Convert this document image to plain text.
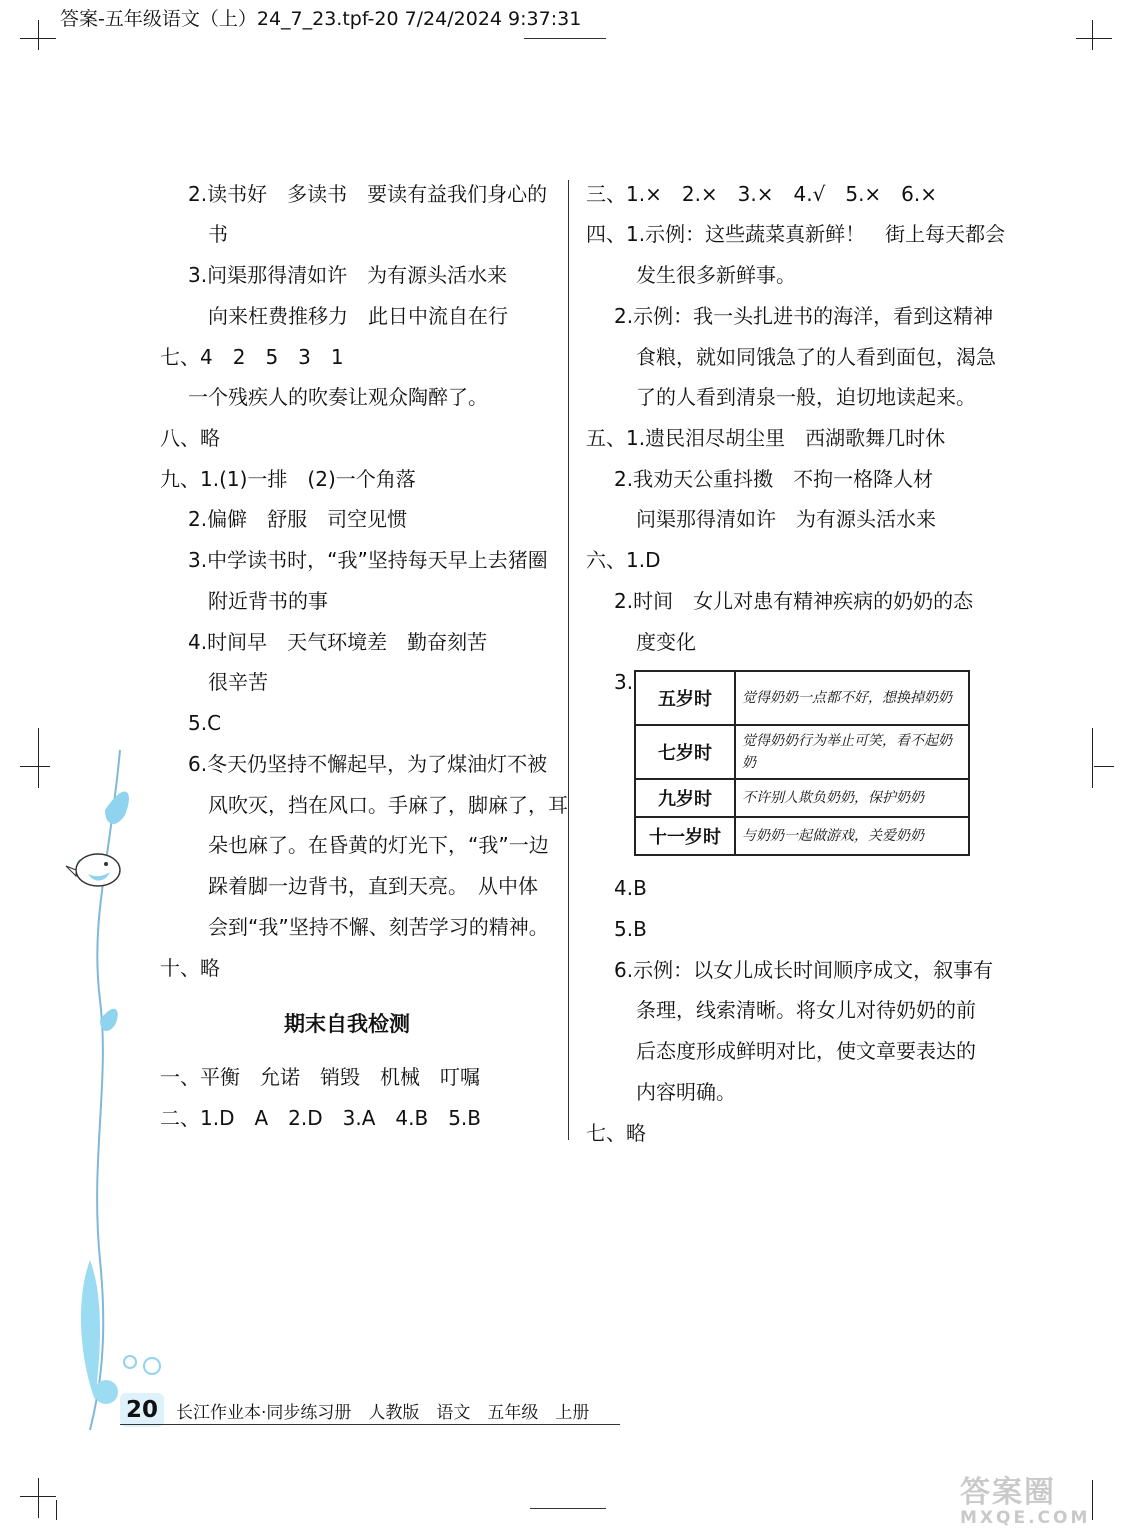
答案-五年级语文（上）24_7_23.tpf-20 7/24/2024 9:37:31
2.读书好　多读书　要读有益我们身心的
书
3.问渠那得清如许　为有源头活水来
向来枉费推移力　此日中流自在行
七、4　2　5　3　1
一个残疾人的吹奏让观众陶醉了。
八、略
九、1.(1)一排　(2)一个角落
2.偏僻　舒服　司空见惯
3.中学读书时，“我”坚持每天早上去猪圈
附近背书的事
4.时间早　天气环境差　勤奋刻苦
很辛苦
5.C
6.冬天仍坚持不懈起早，为了煤油灯不被
风吹灭，挡在风口。手麻了，脚麻了，耳
朵也麻了。在昏黄的灯光下，“我”一边
跺着脚一边背书，直到天亮。　从中体
会到“我”坚持不懈、刻苦学习的精神。
十、略
期末自我检测
一、平衡　允诺　销毁　机械　叮嘱
二、1.D　A　2.D　3.A　4.B　5.B
三、1.×　2.×　3.×　4.√　5.×　6.×
四、1.示例：这些蔬菜真新鲜！　街上每天都会
发生很多新鲜事。
2.示例：我一头扎进书的海洋，看到这精神
食粮，就如同饿急了的人看到面包，渴急
了的人看到清泉一般，迫切地读起来。
五、1.遗民泪尽胡尘里　西湖歌舞几时休
2.我劝天公重抖擞　不拘一格降人材
问渠那得清如许　为有源头活水来
六、1.D
2.时间　女儿对患有精神疾病的奶奶的态
度变化
3.
五岁时	觉得奶奶一点都不好，想换掉奶奶
七岁时	觉得奶奶行为举止可笑，看不起奶奶
九岁时	不许别人欺负奶奶，保护奶奶
十一岁时	与奶奶一起做游戏，关爱奶奶
4.B
5.B
6.示例：以女儿成长时间顺序成文，叙事有
条理，线索清晰。将女儿对待奶奶的前
后态度形成鲜明对比，使文章要表达的
内容明确。
七、略
20	长江作业本·同步练习册　人教版　语文　五年级　上册
答案圈
MXQE.COM
